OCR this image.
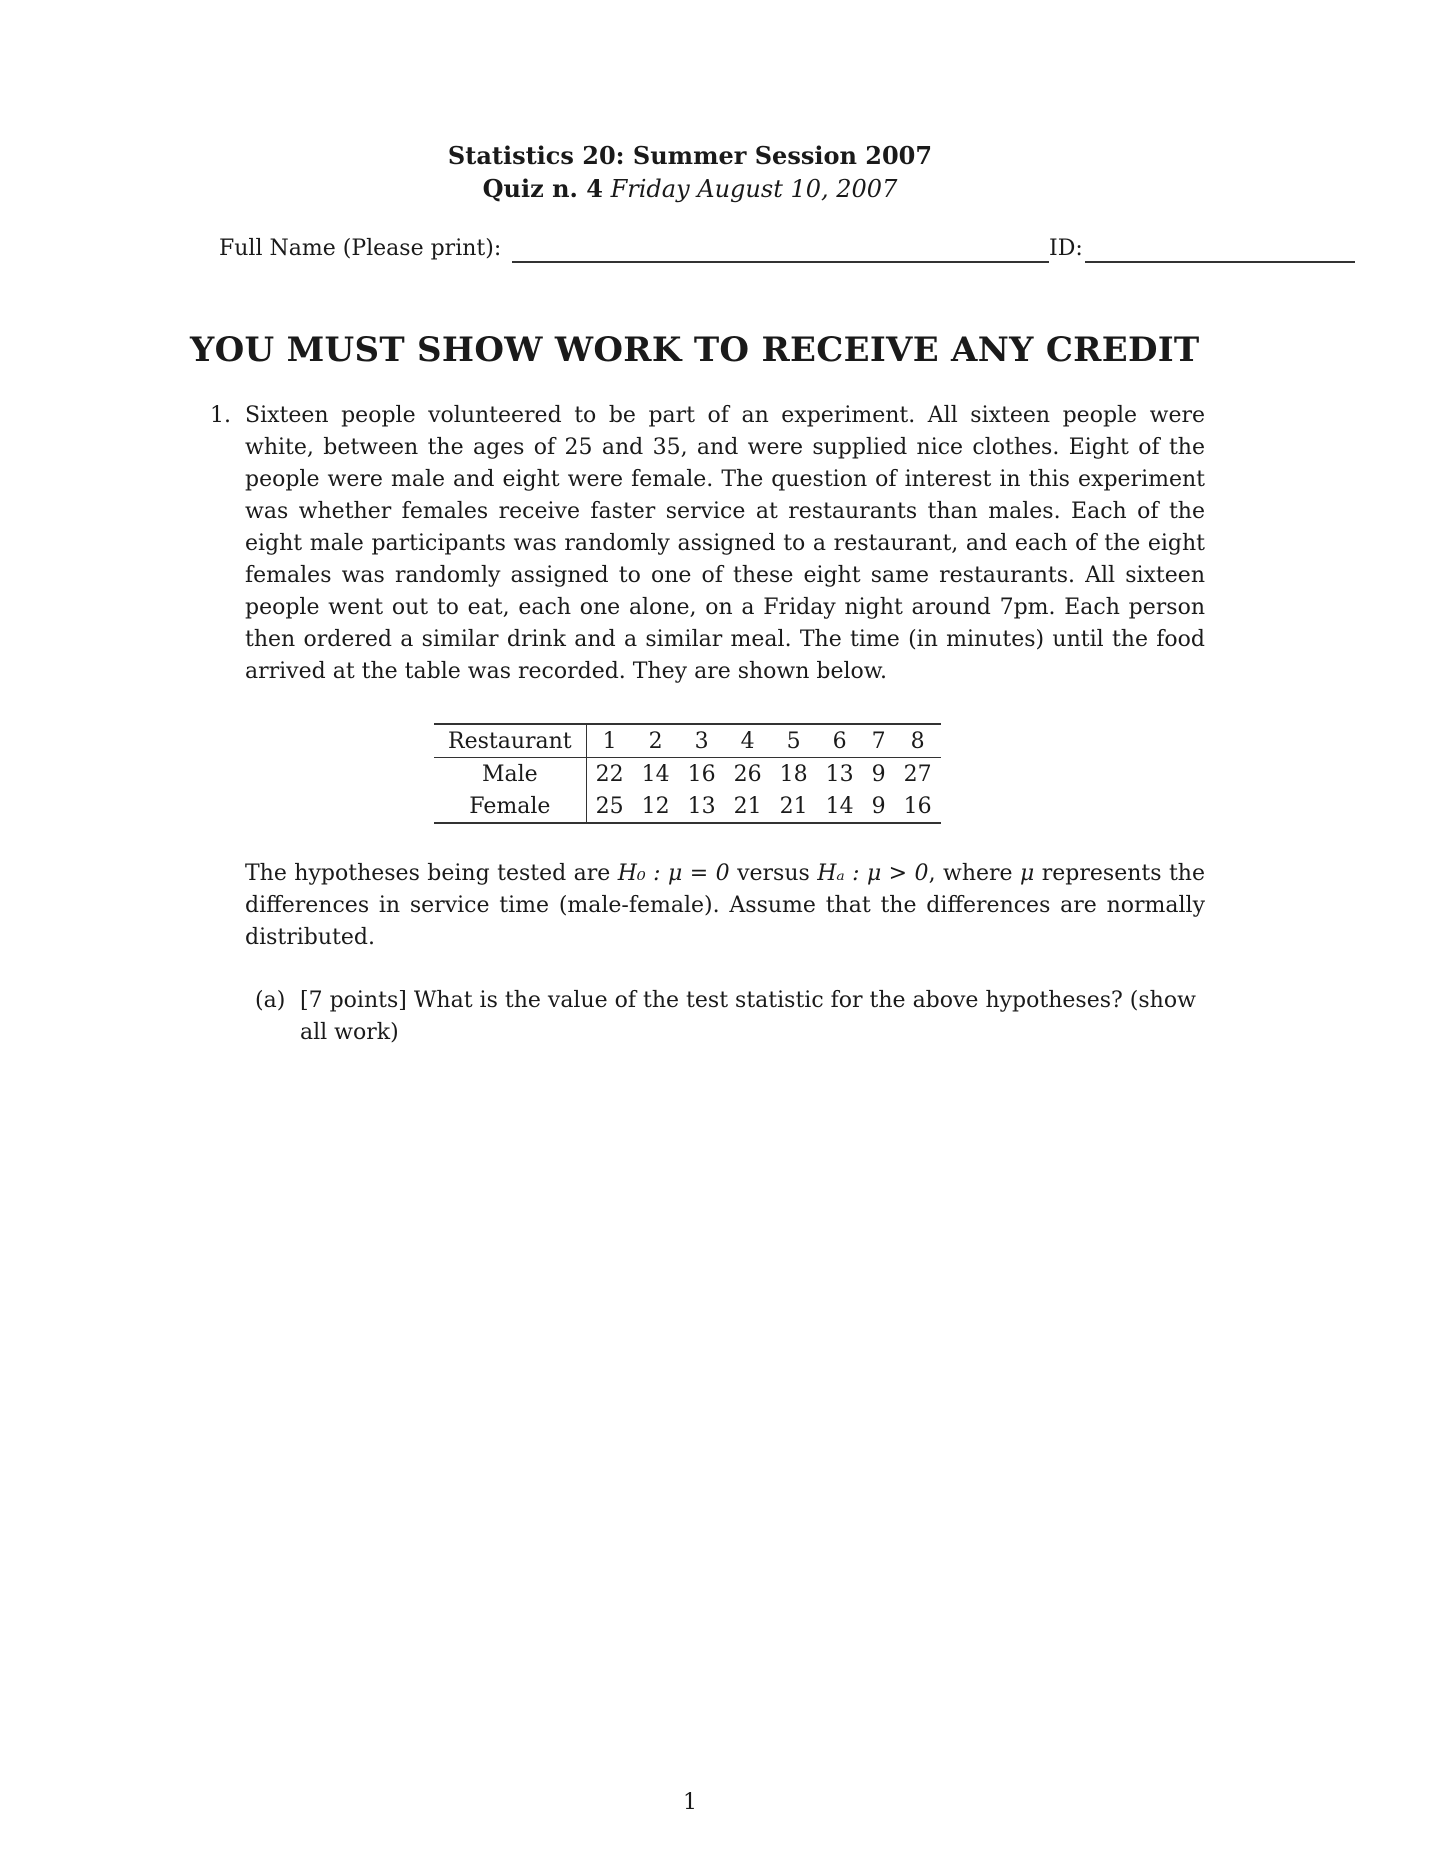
Statistics 20: Summer Session 2007
Quiz n. 4 Friday August 10, 2007
Full Name (Please print):	ID:
YOU MUST SHOW WORK TO RECEIVE ANY CREDIT
1. Sixteen people volunteered to be part of an experiment. All sixteen people were white, between the ages of 25 and 35, and were supplied nice clothes. Eight of the people were male and eight were female. The question of interest in this experiment was whether females receive faster service at restaurants than males. Each of the eight male participants was randomly assigned to a restaurant, and each of the eight females was randomly assigned to one of these eight same restaurants. All sixteen people went out to eat, each one alone, on a Friday night around 7pm. Each person then ordered a similar drink and a similar meal. The time (in minutes) until the food arrived at the table was recorded. They are shown below.
Restaurant	1	2	3	4	5	6	7	8
Male	22	14	16	26	18	13	9	27
Female	25	12	13	21	21	14	9	16
The hypotheses being tested are H₀ : μ = 0 versus Hₐ : μ > 0, where μ represents the differences in service time (male-female). Assume that the differences are normally distributed.
(a) [7 points] What is the value of the test statistic for the above hypotheses? (show all work)
1
